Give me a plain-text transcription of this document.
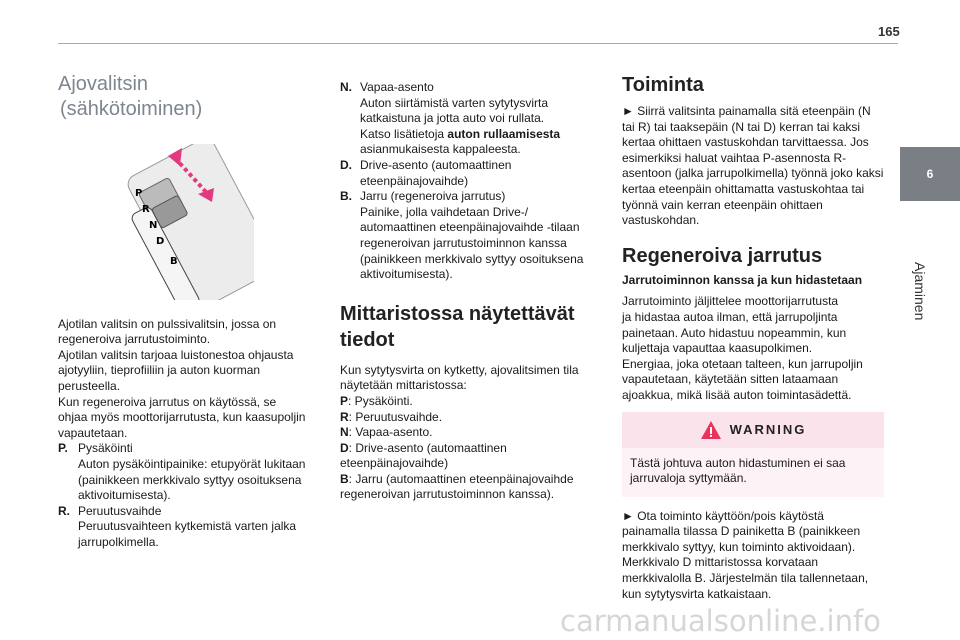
165
6
Ajaminen
Ajovalitsin
(sähkötoiminen)
P
R
N
D
B

Ajotilan valitsin on pulssivalitsin, jossa on

regeneroiva jarrutustoiminto.

Ajotilan valitsin tarjoaa luistonestoa ohjausta

ajotyyliin, tieprofiiliin ja auton kuorman

perusteella.

Kun regeneroiva jarrutus on käytössä, se

ohjaa myös moottorijarrutusta, kun kaasupoljin

vapautetaan.

P. Pysäköinti
Auton pysäköintipainike: etupyörät lukitaan
(painikkeen merkkivalo syttyy osoituksena
aktivoitumisesta).
R. Peruutusvaihde
Peruutusvaihteen kytkemistä varten jalka
jarrupolkimella.
N. Vapaa-asento
Auton siirtämistä varten sytytysvirta
katkaistuna ja jotta auto voi rullata.
Katso lisätietoja auton rullaamisesta
asianmukaisesta kappaleesta.
D. Drive-asento (automaattinen
eteenpäinajovaihde)
B. Jarru (regeneroiva jarrutus)
Painike, jolla vaihdetaan Drive-/
automaattinen eteenpäinajovaihde -tilaan
regeneroivan jarrutustoiminnon kanssa
(painikkeen merkkivalo syttyy osoituksena
aktivoitumisesta).
Mittaristossa näytettävät
tiedot

Kun sytytysvirta on kytketty, ajovalitsimen tila

näytetään mittaristossa:

P: Pysäköinti.

R: Peruutusvaihde.

N: Vapaa-asento.

D: Drive-asento (automaattinen

eteenpäinajovaihde)

B: Jarru (automaattinen eteenpäinajovaihde

regeneroivan jarrutustoiminnon kanssa).

Toiminta

► Siirrä valitsinta painamalla sitä eteenpäin (N tai R) tai taaksepäin (N tai D) kerran tai kaksi kertaa ohittaen vastuskohdan tarvittaessa. Jos esimerkiksi haluat vaihtaa P-asennosta R-asentoon (jalka jarrupolkimella) työnnä joko kaksi kertaa eteenpäin ohittamatta vastuskohtaa tai työnnä vain kerran eteenpäin ohittaen vastuskohdan.

Regeneroiva jarrutus

Jarrutoiminnon kanssa ja kun hidastetaan

Jarrutoiminto jäljittelee moottorijarrutusta

ja hidastaa autoa ilman, että jarrupoljinta

painetaan. Auto hidastuu nopeammin, kun

kuljettaja vapauttaa kaasupolkimen.

Energiaa, joka otetaan talteen, kun jarrupoljin

vapautetaan, käytetään sitten lataamaan

ajoakkua, mikä lisää auton toimintasädettä.

WARNING

Tästä johtuva auton hidastuminen ei saa

jarruvaloja syttymään.

► Ota toiminto käyttöön/pois käytöstä painamalla tilassa D painiketta B (painikkeen merkkivalo syttyy, kun toiminto aktivoidaan). Merkkivalo D mittaristossa korvataan merkkivalolla B. Järjestelmän tila tallennetaan, kun sytytysvirta katkaistaan.

carmanualsonline.info
